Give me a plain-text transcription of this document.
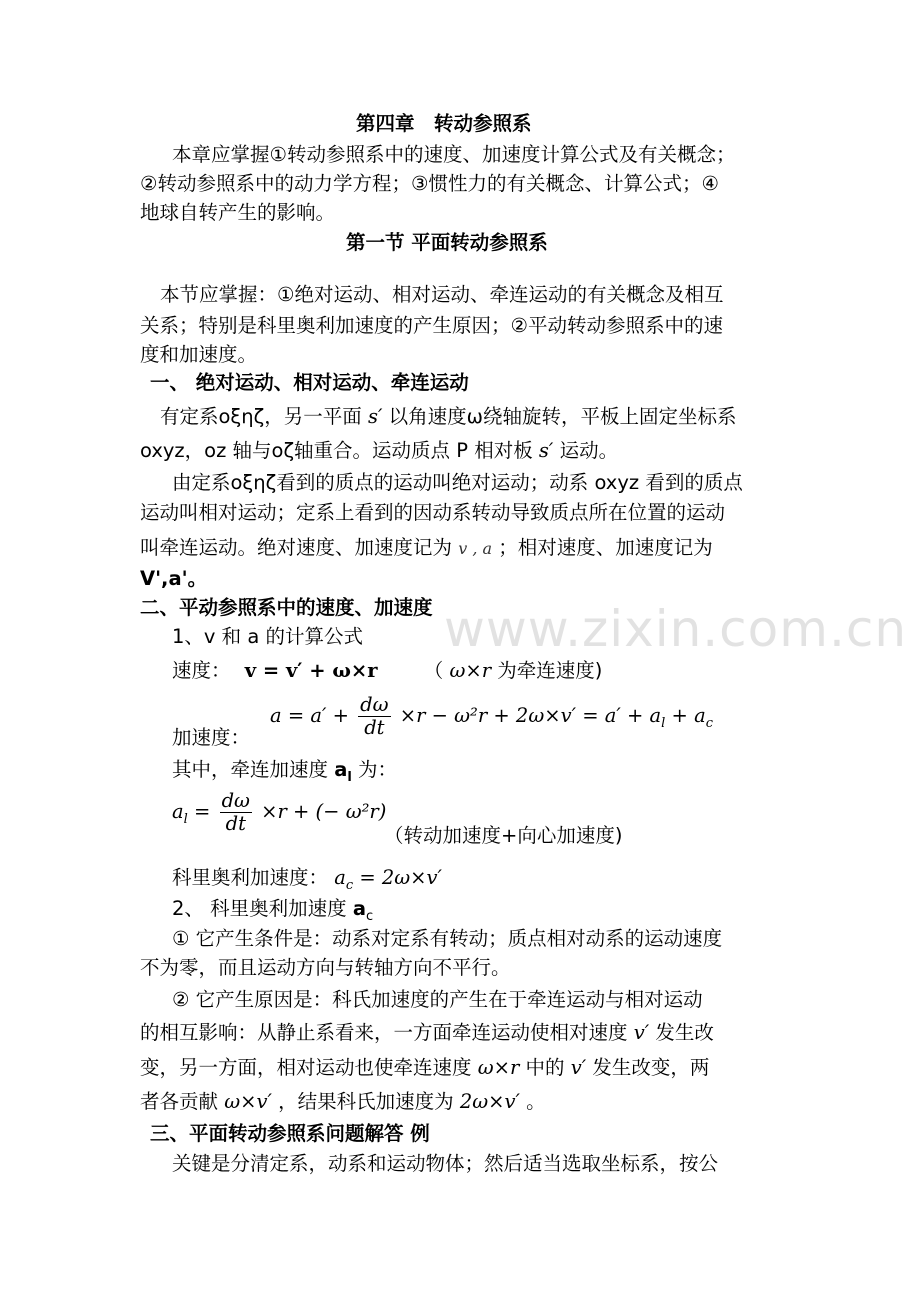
www.zixin.com.cn
第四章　转动参照系
本章应掌握①转动参照系中的速度、加速度计算公式及有关概念；
②转动参照系中的动力学方程；③惯性力的有关概念、计算公式；④
地球自转产生的影响。
第一节 平面转动参照系
本节应掌握：①绝对运动、相对运动、牵连运动的有关概念及相互
关系；特别是科里奥利加速度的产生原因；②平动转动参照系中的速
度和加速度。
一、 绝对运动、相对运动、牵连运动
有定系oξηζ，另一平面 s′ 以角速度ω绕轴旋转，平板上固定坐标系
oxyz，oz 轴与oζ轴重合。运动质点 P 相对板 s′ 运动。
由定系oξηζ看到的质点的运动叫绝对运动；动系 oxyz 看到的质点
运动叫相对运动；定系上看到的因动系转动导致质点所在位置的运动
叫牵连运动。绝对速度、加速度记为 v , a ；相对速度、加速度记为
V',a'。
二、平动参照系中的速度、加速度
1、v 和 a 的计算公式
速度： v = v′ + ω×r （ ω×r 为牵连速度)
加速度：
$a = a' + \frac{d\omega}{dt} \times r - \omega^2r + 2\omega\times v' = a' + a_l + a_c$
其中，牵连加速度 $a_l$ 为：
$a_l = \frac{d\omega}{dt} \times r$ + (− ω²r)
（转动加速度+向心加速度)
科里奥利加速度： $a_c = 2\omega\times v'$
2、 科里奥利加速度 $a_c$
① 它产生条件是：动系对定系有转动；质点相对动系的运动速度
不为零，而且运动方向与转轴方向不平行。
② 它产生原因是：科氏加速度的产生在于牵连运动与相对运动
的相互影响：从静止系看来，一方面牵连运动使相对速度 v′ 发生改
变，另一方面，相对运动也使牵连速度 ω×r 中的 v′ 发生改变，两
者各贡献 ω×v′ ，结果科氏加速度为 2ω×v′ 。
三、平面转动参照系问题解答 例
关键是分清定系，动系和运动物体；然后适当选取坐标系，按公
